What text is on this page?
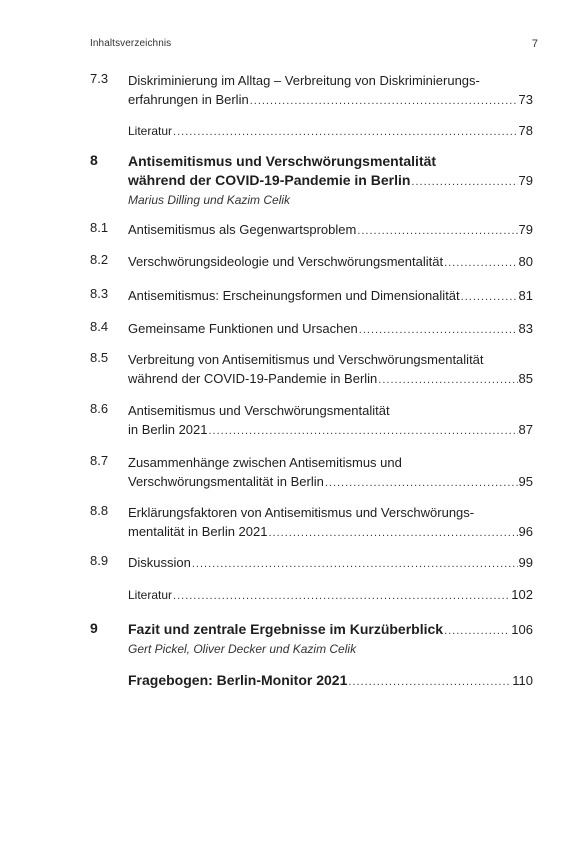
Inhaltsverzeichnis	7
7.3 Diskriminierung im Alltag – Verbreitung von Diskriminierungs-
erfahrungen in Berlin .....	73
Literatur .....	78
8 Antisemitismus und Verschwörungsmentalität
während der COVID-19-Pandemie in Berlin .....	79
Marius Dilling und Kazim Celik
8.1 Antisemitismus als Gegenwartsproblem .....	79
8.2 Verschwörungsideologie und Verschwörungsmentalität .....	80
8.3 Antisemitismus: Erscheinungsformen und Dimensionalität .....	81
8.4 Gemeinsame Funktionen und Ursachen .....	83
8.5 Verbreitung von Antisemitismus und Verschwörungsmentalität
während der COVID-19-Pandemie in Berlin .....	85
8.6 Antisemitismus und Verschwörungsmentalität
in Berlin 2021 .....	87
8.7 Zusammenhänge zwischen Antisemitismus und
Verschwörungsmentalität in Berlin .....	95
8.8 Erklärungsfaktoren von Antisemitismus und Verschwörungs-
mentalität in Berlin 2021 .....	96
8.9 Diskussion .....	99
Literatur .....	102
9 Fazit und zentrale Ergebnisse im Kurzüberblick .....	106
Gert Pickel, Oliver Decker und Kazim Celik
Fragebogen: Berlin-Monitor 2021 .....	110
